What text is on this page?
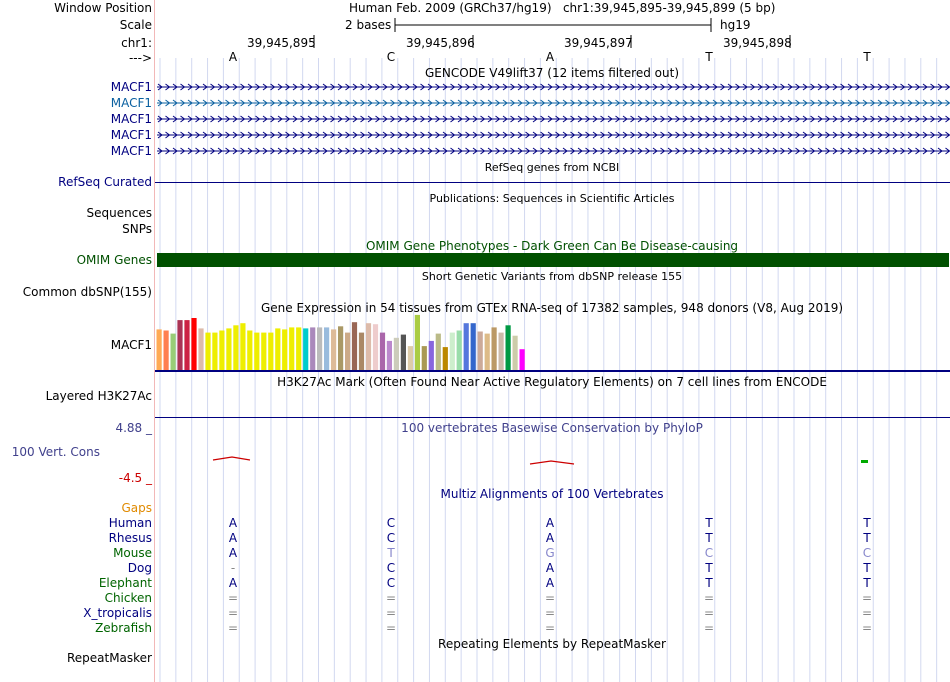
Window Position	Human Feb. 2009 (GRCh37/hg19)   chr1:39,945,895-39,945,899 (5 bp)
Scale	2 bases	hg19
chr1:	39,945,895	39,945,896	39,945,897	39,945,898
--->	A	C	A	T	T
GENCODE V49lift37 (12 items filtered out)
MACF1
MACF1
MACF1
MACF1
MACF1
RefSeq genes from NCBI
RefSeq Curated
Publications: Sequences in Scientific Articles
Sequences
SNPs
OMIM Gene Phenotypes - Dark Green Can Be Disease-causing
OMIM Genes
Short Genetic Variants from dbSNP release 155
Common dbSNP(155)
Gene Expression in 54 tissues from GTEx RNA-seq of 17382 samples, 948 donors (V8, Aug 2019)
MACF1
H3K27Ac Mark (Often Found Near Active Regulatory Elements) on 7 cell lines from ENCODE
Layered H3K27Ac
100 vertebrates Basewise Conservation by PhyloP
4.88 _
100 Vert. Cons
-4.5 _
Multiz Alignments of 100 Vertebrates
Gaps
Human	A	C	A	T	T
Rhesus	A	C	A	T	T
Mouse	A	T	G	C	C
Dog	-	C	A	T	T
Elephant	A	C	A	T	T
Chicken	=	=	=	=	=
X_tropicalis	=	=	=	=	=
Zebrafish	=	=	=	=	=
Repeating Elements by RepeatMasker
RepeatMasker
